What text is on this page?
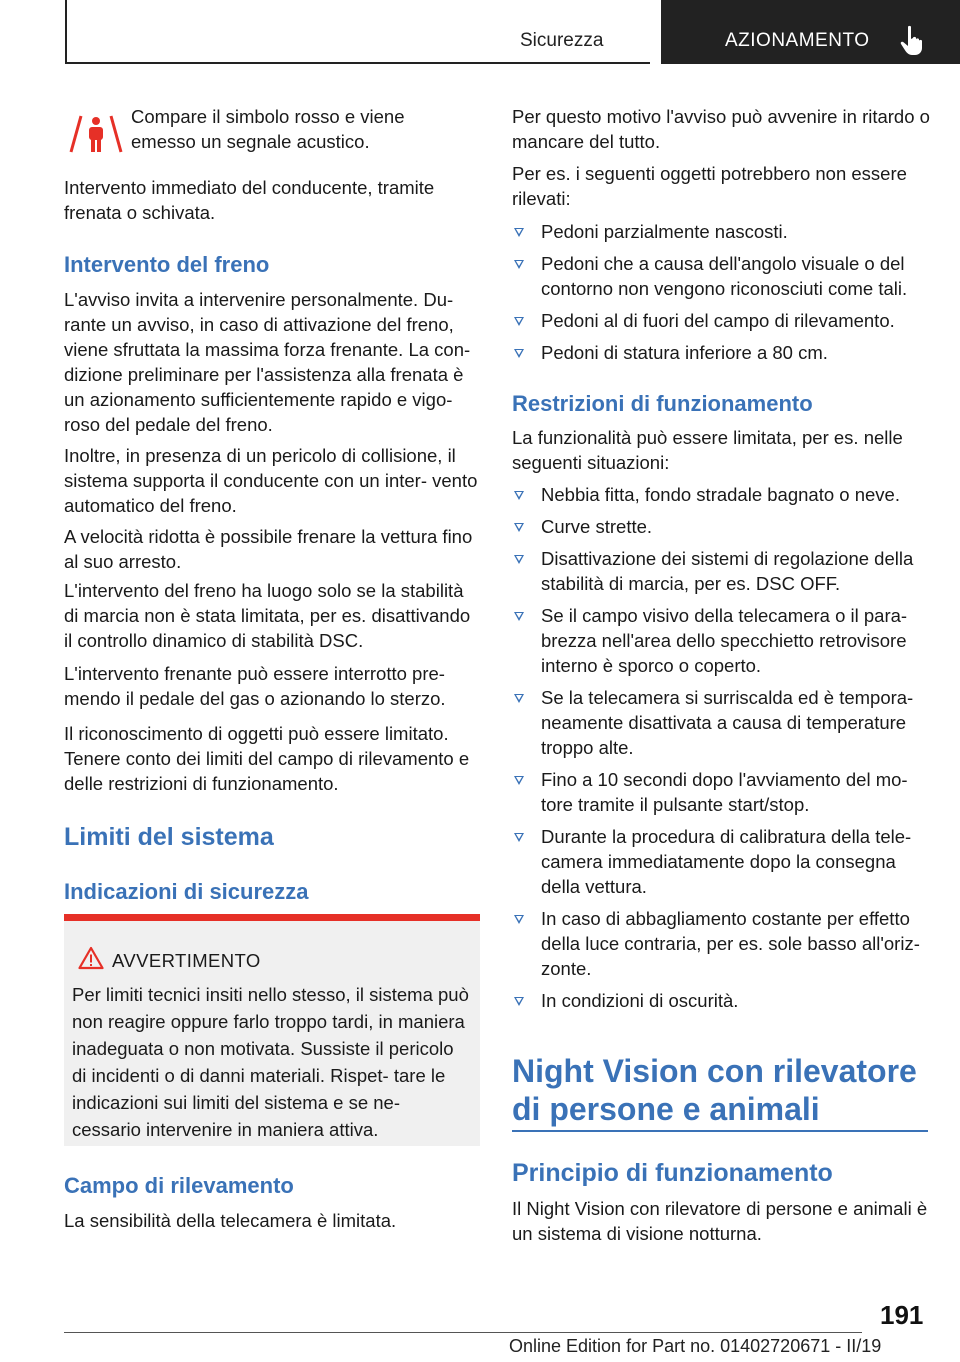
Sicurezza	AZIONAMENTO

Compare il simbolo rosso e viene emesso un segnale acustico.

Intervento immediato del conducente, tramite frenata o schivata.

Intervento del freno

L'avviso invita a intervenire personalmente. Du- rante un avviso, in caso di attivazione del freno, viene sfruttata la massima forza frenante. La con- dizione preliminare per l'assistenza alla frenata è un azionamento sufficientemente rapido e vigo- roso del pedale del freno.

Inoltre, in presenza di un pericolo di collisione, il sistema supporta il conducente con un inter- vento automatico del freno.

A velocità ridotta è possibile frenare la vettura fino al suo arresto.

L'intervento del freno ha luogo solo se la stabilità di marcia non è stata limitata, per es. disattivando il controllo dinamico di stabilità DSC.

L'intervento frenante può essere interrotto pre- mendo il pedale del gas o azionando lo sterzo.

Il riconoscimento di oggetti può essere limitato. Tenere conto dei limiti del campo di rilevamento e delle restrizioni di funzionamento.

Limiti del sistema

Indicazioni di sicurezza

Campo di rilevamento

La sensibilità della telecamera è limitata.

AVVERTIMENTO
Per limiti tecnici insiti nello stesso, il sistema può non reagire oppure farlo troppo tardi, in maniera inadeguata o non motivata. Sussiste il pericolo di incidenti o di danni materiali. Rispet- tare le indicazioni sui limiti del sistema e se ne- cessario intervenire in maniera attiva.

Per questo motivo l'avviso può avvenire in ritardo o mancare del tutto.

Per es. i seguenti oggetti potrebbero non essere rilevati:

Pedoni parzialmente nascosti.
Pedoni che a causa dell'angolo visuale o del contorno non vengono riconosciuti come tali.
Pedoni al di fuori del campo di rilevamento.
Pedoni di statura inferiore a 80 cm.

Restrizioni di funzionamento

La funzionalità può essere limitata, per es. nelle seguenti situazioni:

Nebbia fitta, fondo stradale bagnato o neve.
Curve strette.
Disattivazione dei sistemi di regolazione della stabilità di marcia, per es. DSC OFF.
Se il campo visivo della telecamera o il para- brezza nell'area dello specchietto retrovisore interno è sporco o coperto.
Se la telecamera si surriscalda ed è tempora- neamente disattivata a causa di temperature troppo alte.
Fino a 10 secondi dopo l'avviamento del mo- tore tramite il pulsante start/stop.
Durante la procedura di calibratura della tele- camera immediatamente dopo la consegna della vettura.
In caso di abbagliamento costante per effetto della luce contraria, per es. sole basso all'oriz- zonte.
In condizioni di oscurità.

Night Vision con rilevatore di persone e animali

Principio di funzionamento

Il Night Vision con rilevatore di persone e animali è un sistema di visione notturna.

191
Online Edition for Part no. 01402720671 - II/19
